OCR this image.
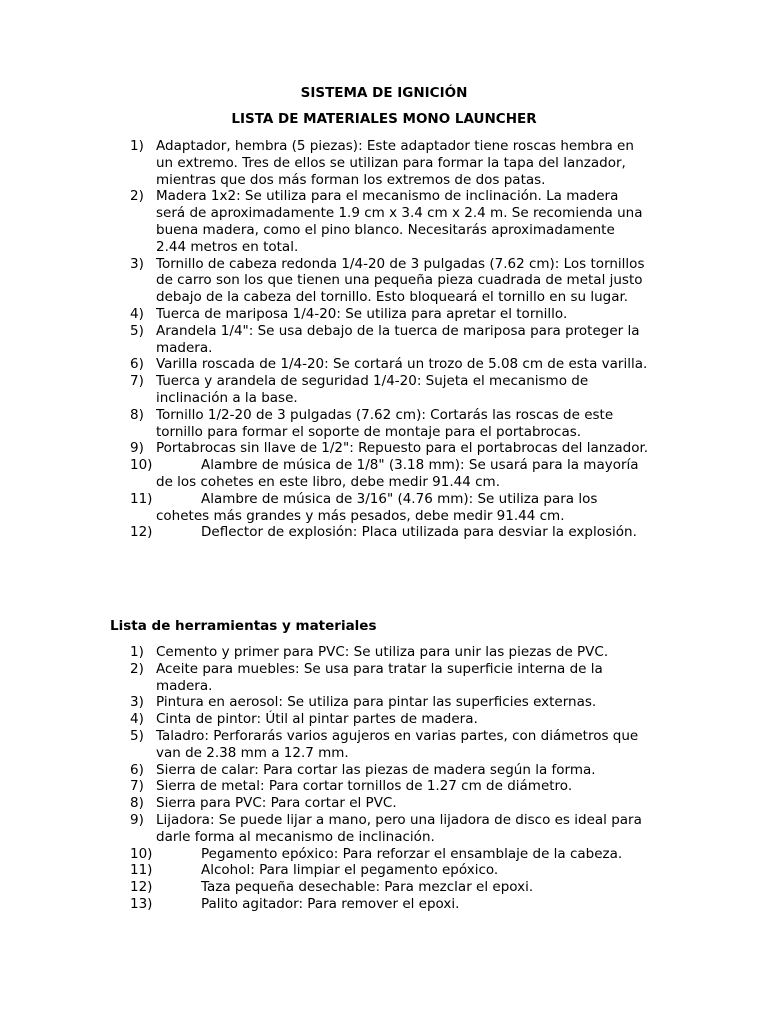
SISTEMA DE IGNICIÓN
LISTA DE MATERIALES MONO LAUNCHER
1) Adaptador, hembra (5 piezas): Este adaptador tiene roscas hembra en un extremo. Tres de ellos se utilizan para formar la tapa del lanzador, mientras que dos más forman los extremos de dos patas.
2) Madera 1x2: Se utiliza para el mecanismo de inclinación. La madera será de aproximadamente 1.9 cm x 3.4 cm x 2.4 m. Se recomienda una buena madera, como el pino blanco. Necesitarás aproximadamente 2.44 metros en total.
3) Tornillo de cabeza redonda 1/4-20 de 3 pulgadas (7.62 cm): Los tornillos de carro son los que tienen una pequeña pieza cuadrada de metal justo debajo de la cabeza del tornillo. Esto bloqueará el tornillo en su lugar.
4) Tuerca de mariposa 1/4-20: Se utiliza para apretar el tornillo.
5) Arandela 1/4": Se usa debajo de la tuerca de mariposa para proteger la madera.
6) Varilla roscada de 1/4-20: Se cortará un trozo de 5.08 cm de esta varilla.
7) Tuerca y arandela de seguridad 1/4-20: Sujeta el mecanismo de inclinación a la base.
8) Tornillo 1/2-20 de 3 pulgadas (7.62 cm): Cortarás las roscas de este tornillo para formar el soporte de montaje para el portabrocas.
9) Portabrocas sin llave de 1/2": Repuesto para el portabrocas del lanzador.
10)	Alambre de música de 1/8" (3.18 mm): Se usará para la mayoría de los cohetes en este libro, debe medir 91.44 cm.
11)	Alambre de música de 3/16" (4.76 mm): Se utiliza para los cohetes más grandes y más pesados, debe medir 91.44 cm.
12)	Deflector de explosión: Placa utilizada para desviar la explosión.
Lista de herramientas y materiales
1) Cemento y primer para PVC: Se utiliza para unir las piezas de PVC.
2) Aceite para muebles: Se usa para tratar la superficie interna de la madera.
3) Pintura en aerosol: Se utiliza para pintar las superficies externas.
4) Cinta de pintor: Útil al pintar partes de madera.
5) Taladro: Perforarás varios agujeros en varias partes, con diámetros que van de 2.38 mm a 12.7 mm.
6) Sierra de calar: Para cortar las piezas de madera según la forma.
7) Sierra de metal: Para cortar tornillos de 1.27 cm de diámetro.
8) Sierra para PVC: Para cortar el PVC.
9) Lijadora: Se puede lijar a mano, pero una lijadora de disco es ideal para darle forma al mecanismo de inclinación.
10)	Pegamento epóxico: Para reforzar el ensamblaje de la cabeza.
11)	Alcohol: Para limpiar el pegamento epóxico.
12)	Taza pequeña desechable: Para mezclar el epoxi.
13)	Palito agitador: Para remover el epoxi.
